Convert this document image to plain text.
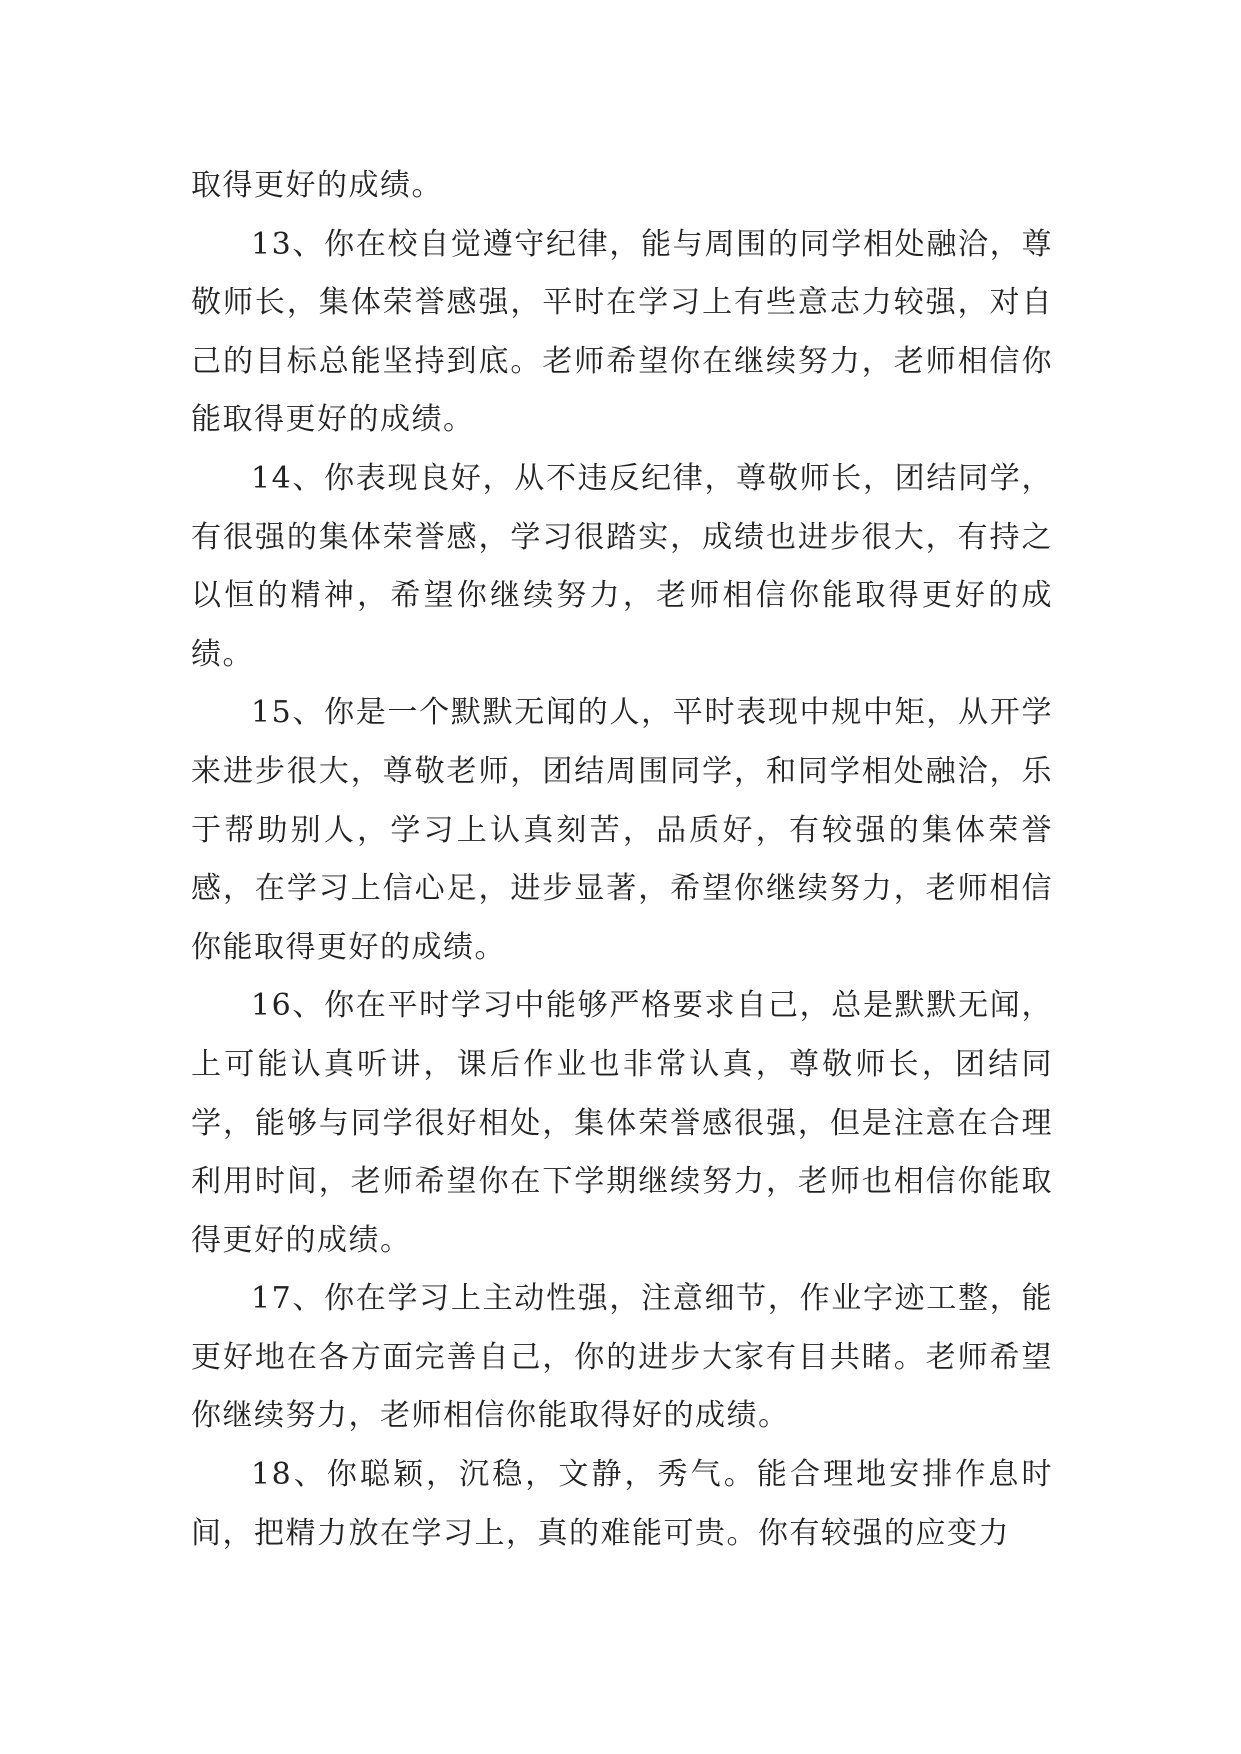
取得更好的成绩。

13、你在校自觉遵守纪律，能与周围的同学相处融洽，尊敬师长，集体荣誉感强，平时在学习上有些意志力较强，对自己的目标总能坚持到底。老师希望你在继续努力，老师相信你能取得更好的成绩。

14、你表现良好，从不违反纪律，尊敬师长，团结同学，有很强的集体荣誉感，学习很踏实，成绩也进步很大，有持之以恒的精神，希望你继续努力，老师相信你能取得更好的成绩。

15、你是一个默默无闻的人，平时表现中规中矩，从开学来进步很大，尊敬老师，团结周围同学，和同学相处融洽，乐于帮助别人，学习上认真刻苦，品质好，有较强的集体荣誉感，在学习上信心足，进步显著，希望你继续努力，老师相信你能取得更好的成绩。

16、你在平时学习中能够严格要求自己，总是默默无闻，上可能认真听讲，课后作业也非常认真，尊敬师长，团结同学，能够与同学很好相处，集体荣誉感很强，但是注意在合理利用时间，老师希望你在下学期继续努力，老师也相信你能取得更好的成绩。

17、你在学习上主动性强，注意细节，作业字迹工整，能更好地在各方面完善自己，你的进步大家有目共睹。老师希望你继续努力，老师相信你能取得好的成绩。

18、你聪颖，沉稳，文静，秀气。能合理地安排作息时间，把精力放在学习上，真的难能可贵。你有较强的应变力
